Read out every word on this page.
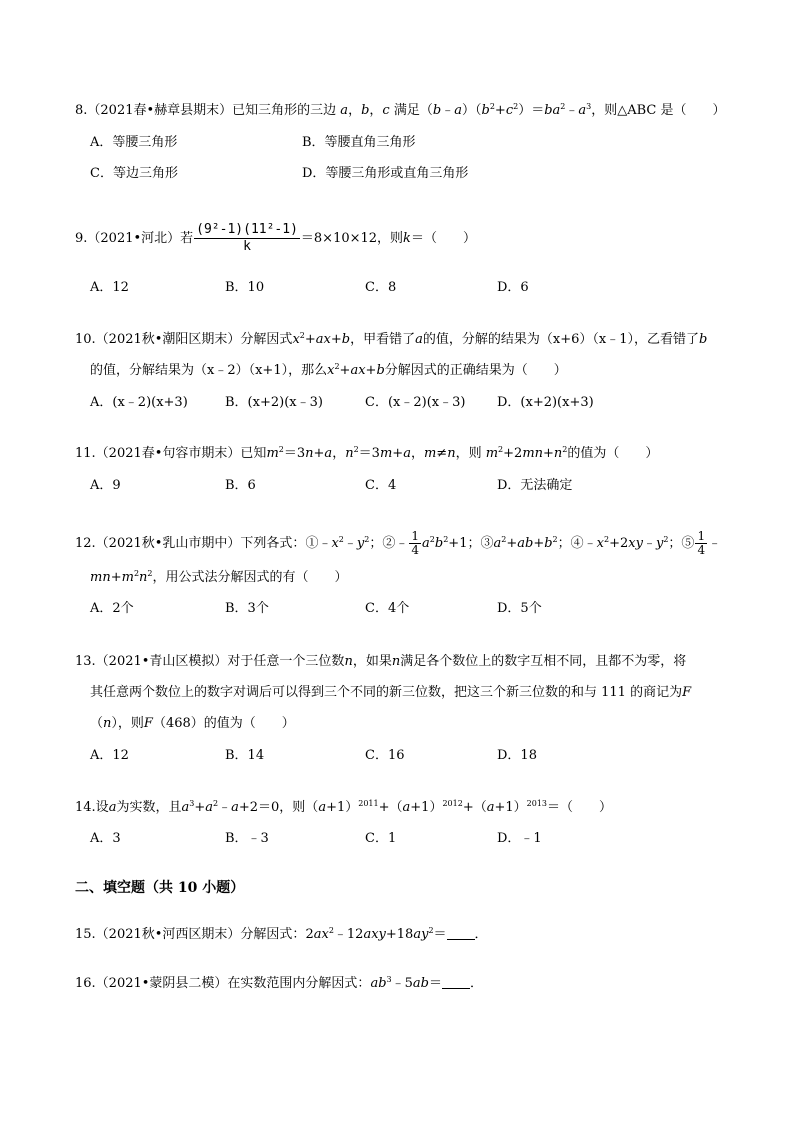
8.（2021春•赫章县期末）已知三角形的三边 a，b，c 满足$(b﹣a)(b^2+c^2)=ba^2﹣a^3$，则△ABC 是（　　）
A．等腰三角形	B．等腰直角三角形
C．等边三角形	D．等腰三角形或直角三角形
9.（2021•河北）若 $\frac{\text{(9²-1)(11²-1)}}{k} =8\times 10\times 12$，则k＝（　　）
A．12	B．10	C．8	D．6
10.（2021秋•潮阳区期末）分解因式$x^2+ax+b$，甲看错了a的值，分解的结果为（x+6）（x﹣1），乙看错了b
的值，分解结果为（x﹣2）（x+1），那么$x^2+ax+b$分解因式的正确结果为（　　）
A．(x﹣2)(x+3)	B．(x+2)(x﹣3)	C．(x﹣2)(x﹣3) D．(x+2)(x+3)
11.（2021春•句容市期末）已知$m^2=3n+a$，$n^2=3m+a$，m≠n，则 $m^2+2mn+n^2$的值为（　　）
A．9	B．6	C．4	D．无法确定
12.（2021秋•乳山市期中）下列各式：$①﹣x^2﹣y^2$；②﹣ $\frac{1}{4} a^2b^2+1$；$③a^2+ab+b^2$；$④﹣x^2+2xy﹣y^2$；⑤ $\frac{1}{4}$ ﹣
$mn+m^2n^2$，用公式法分解因式的有（　　）
A．2个	B．3个	C．4个	D．5个
13.（2021•青山区模拟）对于任意一个三位数n，如果n满足各个数位上的数字互相不同，且都不为零，将
其任意两个数位上的数字对调后可以得到三个不同的新三位数，把这三个新三位数的和与 111 的商记为F
（n），则F（468）的值为（　　）
A．12	B．14	C．16	D．18
14.设a为实数，且$a^3+a^2﹣a+2=0$，则$(a+1)^{2011}+(a+1)^{2012}+(a+1)^{2013}=$（　　）
A．3	B．﹣3	C．1	D．﹣1
二、填空题（共 10 小题）
15.（2021秋•河西区期末）分解因式：$2ax^2﹣12axy+18ay^2=$ ．
16.（2021•蒙阴县二模）在实数范围内分解因式：$ab^3﹣5ab=$ ．
